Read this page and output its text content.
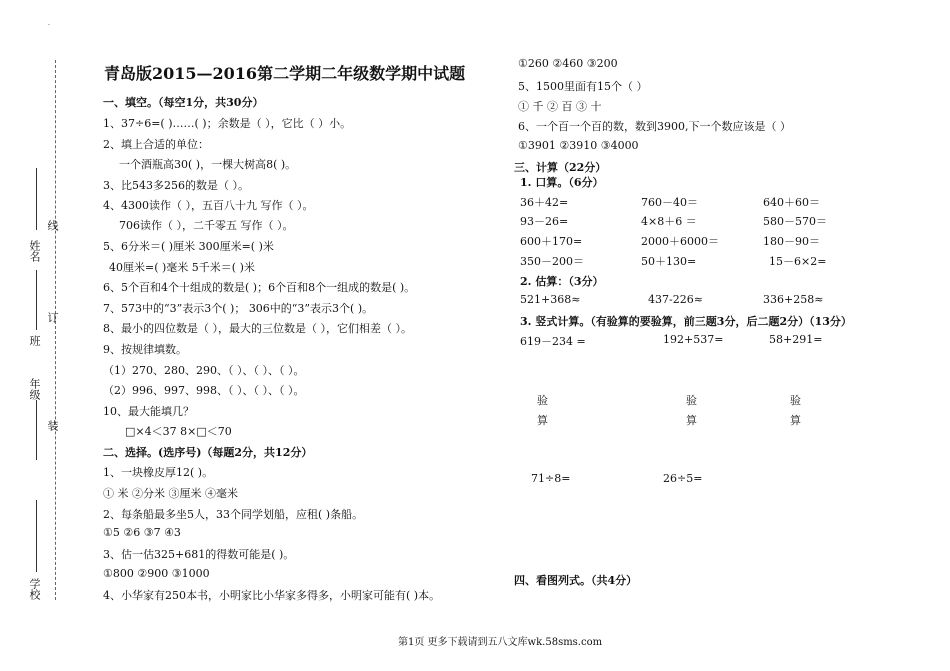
·
姓名
线
班
订
年级
装
学校
青岛版2015—2016第二学期二年级数学期中试题
一、填空。（每空1分，共30分）
1、37÷6=( )……( )；余数是（ ），它比（ ）小。
2、填上合适的单位：
一个酒瓶高30( )，一棵大树高8( )。
3、比543多256的数是（ ）。
4、4300读作（ ），五百八十九 写作（ ）。
706读作（ ），二千零五 写作（ ）。
5、6分米＝( )厘米 300厘米=( )米
40厘米=( )毫米 5千米＝( )米
6、5个百和4个十组成的数是( )；6个百和8个一组成的数是( )。
7、573中的“3”表示3个( )； 306中的“3”表示3个( )。
8、最小的四位数是（ ），最大的三位数是（ ），它们相差（ ）。
9、按规律填数。
（1）270、280、290、（ ）、（ ）、（ ）。
（2）996、997、998、（ ）、（ ）、（ ）。
10、最大能填几？
□×4＜37 8×□＜70
二、选择。(选序号)（每题2分，共12分）
1、一块橡皮厚12( )。
① 米 ②分米 ③厘米 ④毫米
2、每条船最多坐5人，33个同学划船，应租( )条船。
①5 ②6 ③7 ④3
3、估一估325+681的得数可能是( )。
①800 ②900 ③1000
4、小华家有250本书，小明家比小华家多得多，小明家可能有( )本。
①260 ②460 ③200
5、1500里面有15个（ ）
① 千 ② 百 ③ 十
6、一个百一个百的数，数到3900,下一个数应该是（ ）
①3901 ②3910 ③4000
三、计算（22分）
1. 口算。（6分）
36＋42=	760－40＝	640＋60＝
93－26=	4×8＋6 ＝	580－570＝
600＋170=	2000＋6000＝	180－90＝
350－200＝	50＋130=	15－6×2=
2. 估算：（3分）
521+368≈	437-226≈	336+258≈
3. 竖式计算。（有验算的要验算，前三题3分，后二题2分）（13分）
619－234 =	192+537=	58+291=
验
算
验
算
验
算
71÷8=	26÷5=
四、看图列式。（共4分）
第1页 更多下载请到五八文库wk.58sms.com
